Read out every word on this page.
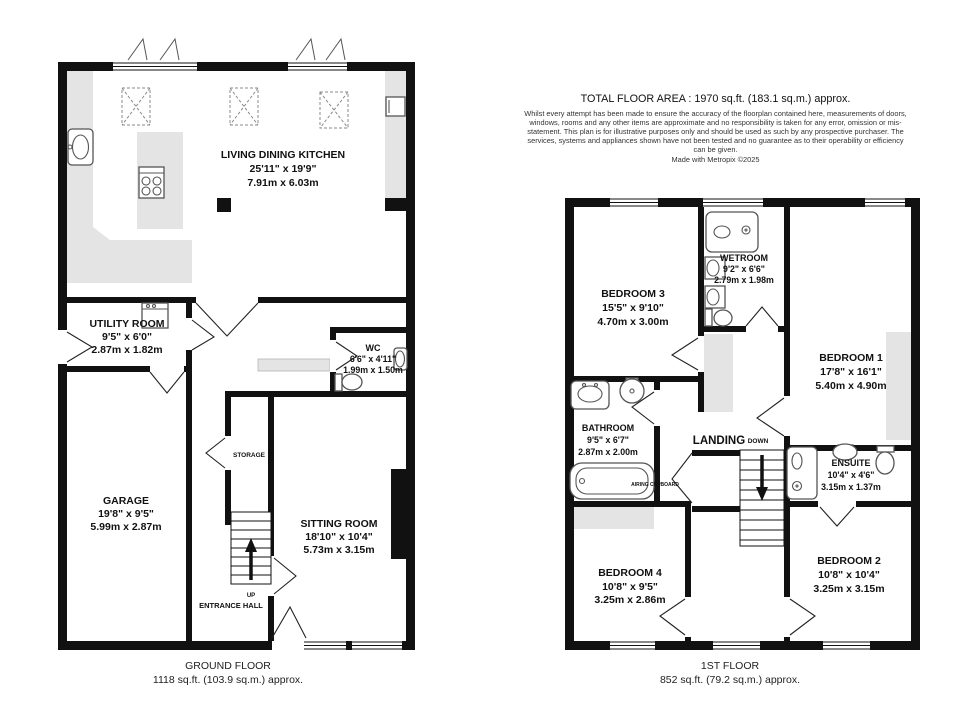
TOTAL FLOOR AREA : 1970 sq.ft. (183.1 sq.m.) approx.

Whilst every attempt has been made to ensure the accuracy of the floorplan contained here, measurements of doors, windows, rooms and any other items are approximate and no responsibility is taken for any error, omission or mis-statement. This plan is for illustrative purposes only and should be used as such by any prospective purchaser. The services, systems and appliances shown have not been tested and no guarantee as to their operability or efficiency can be given.

Made with Metropix ©2025

LIVING DINING KITCHEN
25'11" x 19'9"
7.91m x 6.03m
UTILITY ROOM
9'5" x 6'0"
2.87m x 1.82m	WC
6'6" x 4'11"
1.99m x 1.50m
GARAGE
19'8" x 9'5"
5.99m x 2.87m	SITTING ROOM
18'10" x 10'4"
5.73m x 3.15m
STORAGE
UP
ENTRANCE HALL
BEDROOM 3
15'5" x 9'10"
4.70m x 3.00m
WETROOM
9'2" x 6'6"
2.79m x 1.98m
BEDROOM 1
17'8" x 16'1"
5.40m x 4.90m
BATHROOM
9'5" x 6'7"
2.87m x 2.00m
ENSUITE
10'4" x 4'6"
3.15m x 1.37m
BEDROOM 4
10'8" x 9'5"
3.25m x 2.86m
BEDROOM 2
10'8" x 10'4"
3.25m x 3.15m
LANDING DOWN
AIRING CUPBOARD
GROUND FLOOR
1118 sq.ft. (103.9 sq.m.) approx.
1ST FLOOR
852 sq.ft. (79.2 sq.m.) approx.
